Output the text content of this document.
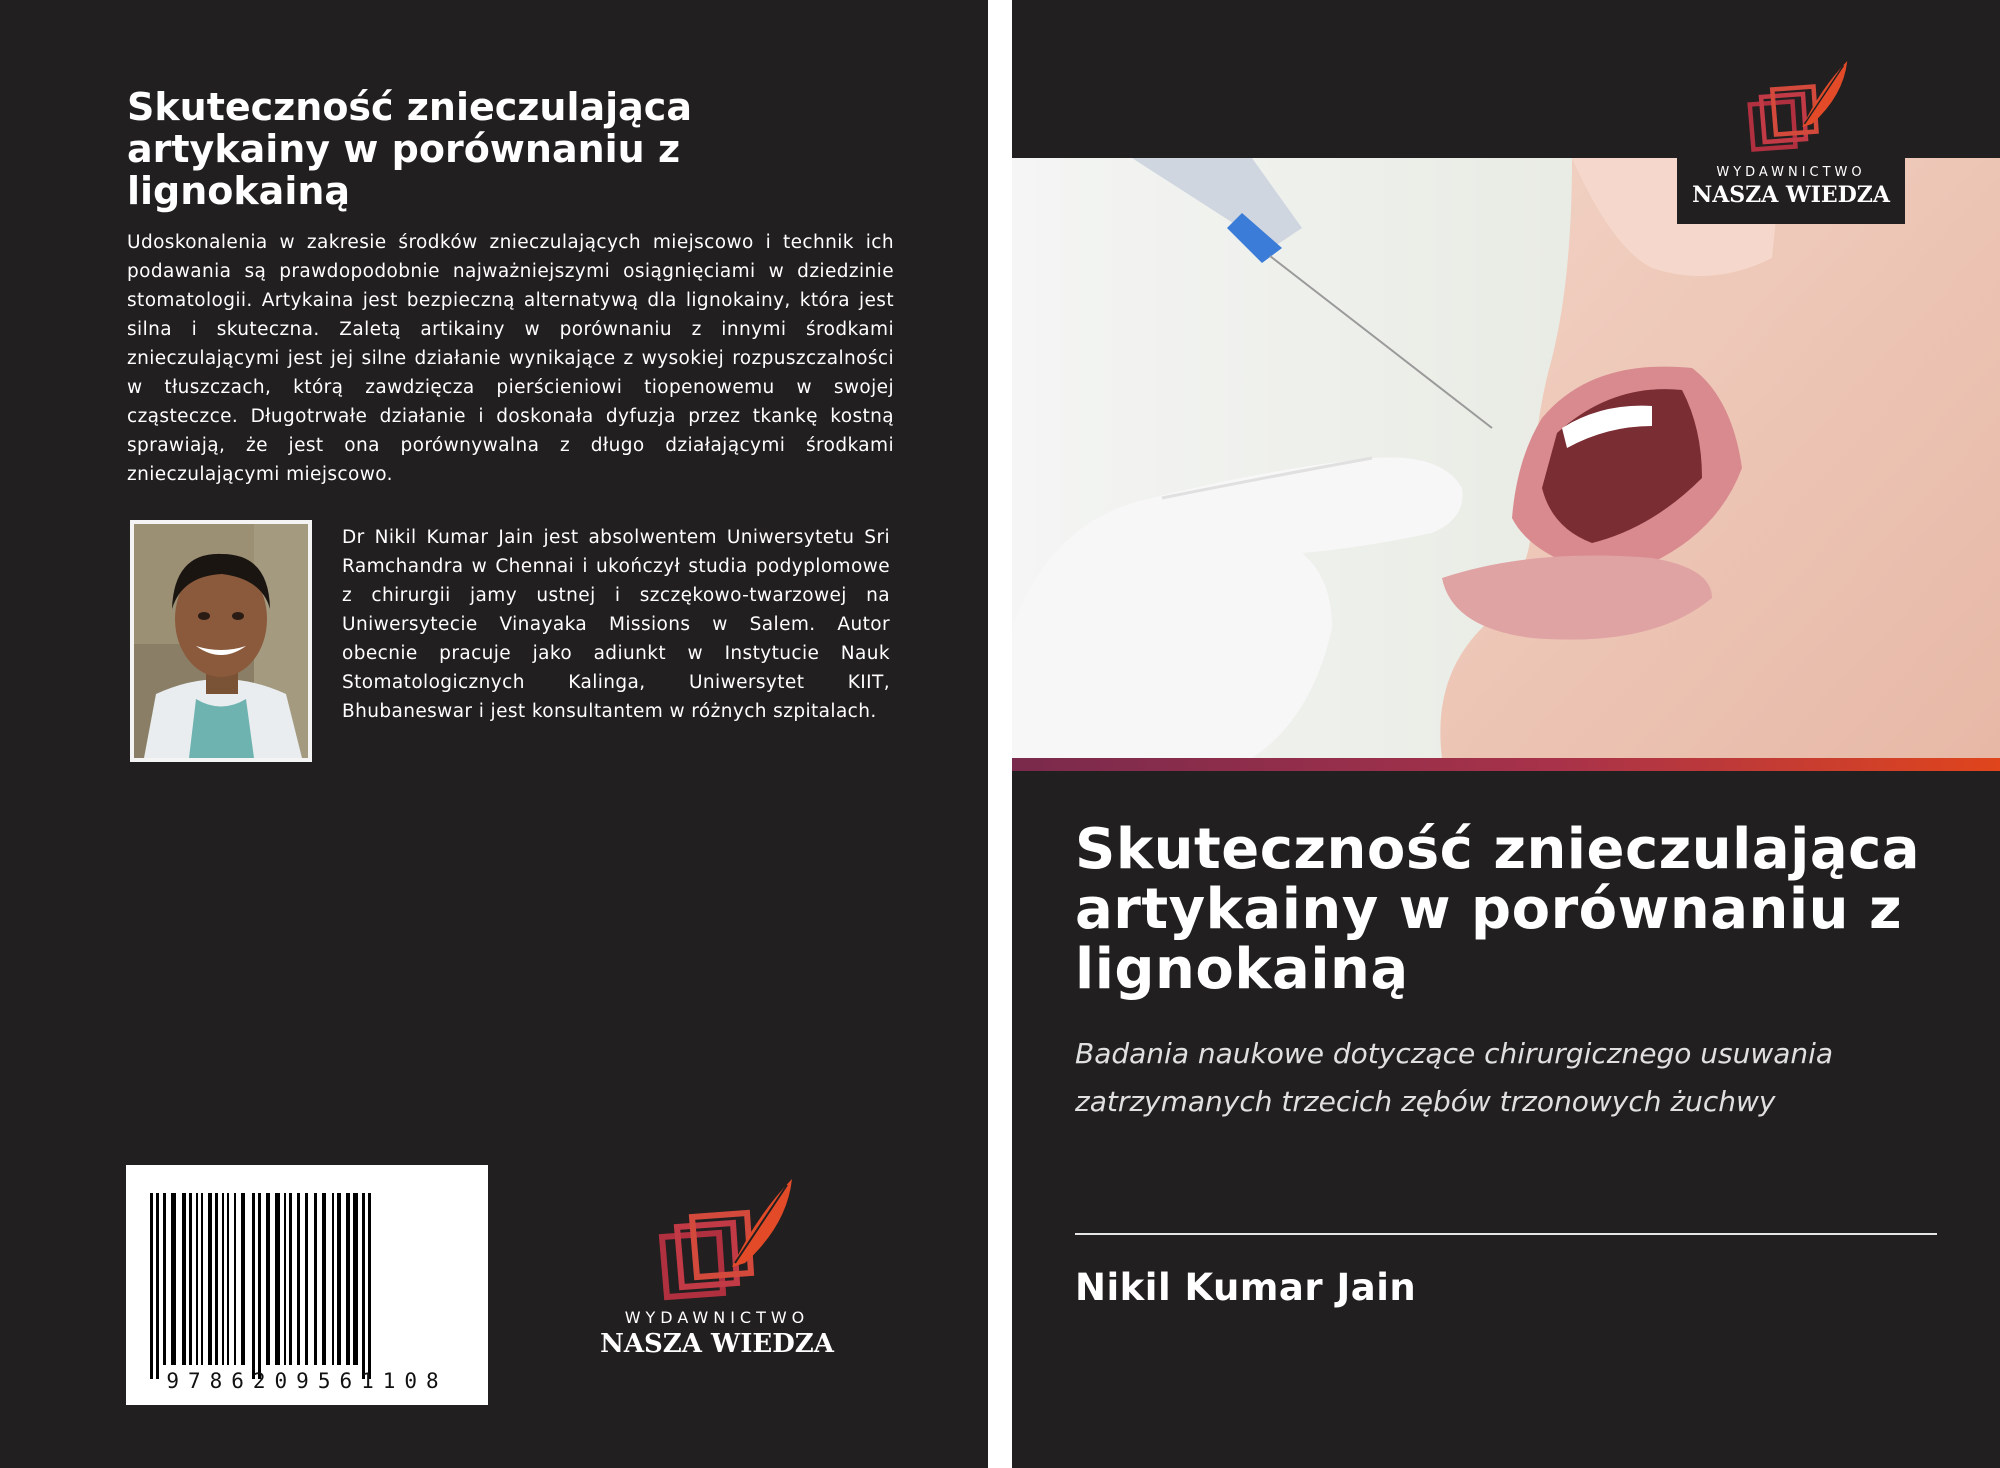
Skuteczność znieczulająca artykainy w porównaniu z lignokainą

Udoskonalenia w zakresie środków znieczulających miejscowo i technik ich podawania są prawdopodobnie najważniejszymi osiągnięciami w dziedzinie stomatologii. Artykaina jest bezpieczną alternatywą dla lignokainy, która jest silna i skuteczna. Zaletą artikainy w porównaniu z innymi środkami znieczulającymi jest jej silne działanie wynikające z wysokiej rozpuszczalności w tłuszczach, którą zawdzięcza pierścieniowi tiopenowemu w swojej cząsteczce. Długotrwałe działanie i doskonała dyfuzja przez tkankę kostną sprawiają, że jest ona porównywalna z długo działającymi środkami znieczulającymi miejscowo.

Dr Nikil Kumar Jain jest absolwentem Uniwersytetu Sri Ramchandra w Chennai i ukończył studia podyplomowe z chirurgii jamy ustnej i szczękowo-twarzowej na Uniwersytecie Vinayaka Missions w Salem. Autor obecnie pracuje jako adiunkt w Instytucie Nauk Stomatologicznych Kalinga, Uniwersytet KIIT, Bhubaneswar i jest konsultantem w różnych szpitalach.

9786209561108
WYDAWNICTWO
NASZA WIEDZA
WYDAWNICTWO
NASZA WIEDZA
Skuteczność znieczulająca artykainy w porównaniu z lignokainą

Badania naukowe dotyczące chirurgicznego usuwania zatrzymanych trzecich zębów trzonowych żuchwy

Nikil Kumar Jain
